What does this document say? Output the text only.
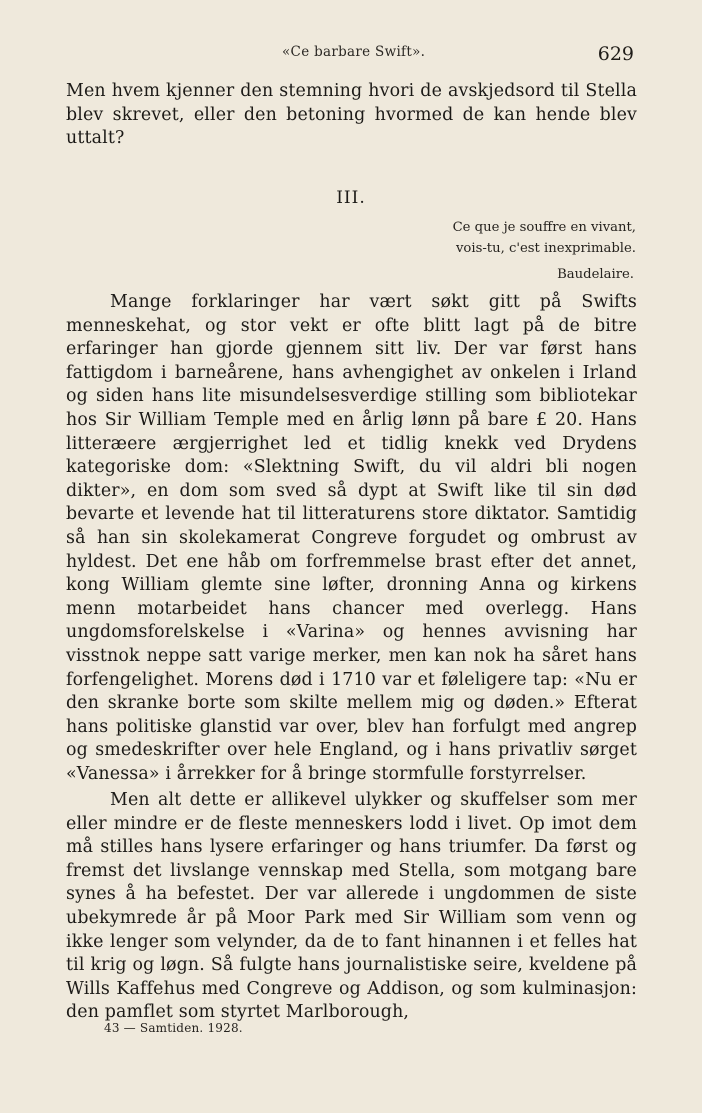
«Ce barbare Swift».	629

Men hvem kjenner den stemning hvori de avskjedsord til Stella blev skrevet, eller den betoning hvormed de kan hende blev uttalt?

III.
Ce que je souffre en vivant,
vois-tu, c'est inexprimable.
Baudelaire.

Mange forklaringer har vært søkt gitt på Swifts menneskehat, og stor vekt er ofte blitt lagt på de bitre erfaringer han gjorde gjennem sitt liv. Der var først hans fattigdom i barneårene, hans avhengighet av onkelen i Irland og siden hans lite misundelsesverdige stilling som bibliotekar hos Sir William Temple med en årlig lønn på bare £ 20. Hans litteræere ærgjerrighet led et tidlig knekk ved Drydens kategoriske dom: «Slektning Swift, du vil aldri bli nogen dikter», en dom som sved så dypt at Swift like til sin død bevarte et levende hat til litteraturens store diktator. Samtidig så han sin skolekamerat Congreve forgudet og ombrust av hyldest. Det ene håb om forfremmelse brast efter det annet, kong William glemte sine løfter, dronning Anna og kirkens menn motarbeidet hans chancer med overlegg. Hans ungdomsforelskelse i «Varina» og hennes avvisning har visstnok neppe satt varige merker, men kan nok ha såret hans forfengelighet. Morens død i 1710 var et føleligere tap: «Nu er den skranke borte som skilte mellem mig og døden.» Efterat hans politiske glanstid var over, blev han forfulgt med angrep og smedeskrifter over hele England, og i hans privatliv sørget «Vanessa» i årrekker for å bringe stormfulle forstyrrelser.

Men alt dette er allikevel ulykker og skuffelser som mer eller mindre er de fleste menneskers lodd i livet. Op imot dem må stilles hans lysere erfaringer og hans triumfer. Da først og fremst det livslange vennskap med Stella, som motgang bare synes å ha befestet. Der var allerede i ungdommen de siste ubekymrede år på Moor Park med Sir William som venn og ikke lenger som velynder, da de to fant hinannen i et felles hat til krig og løgn. Så fulgte hans journalistiske seire, kveldene på Wills Kaffehus med Congreve og Addison, og som kulminasjon: den pamflet som styrtet Marlborough,

43 — Samtiden. 1928.
